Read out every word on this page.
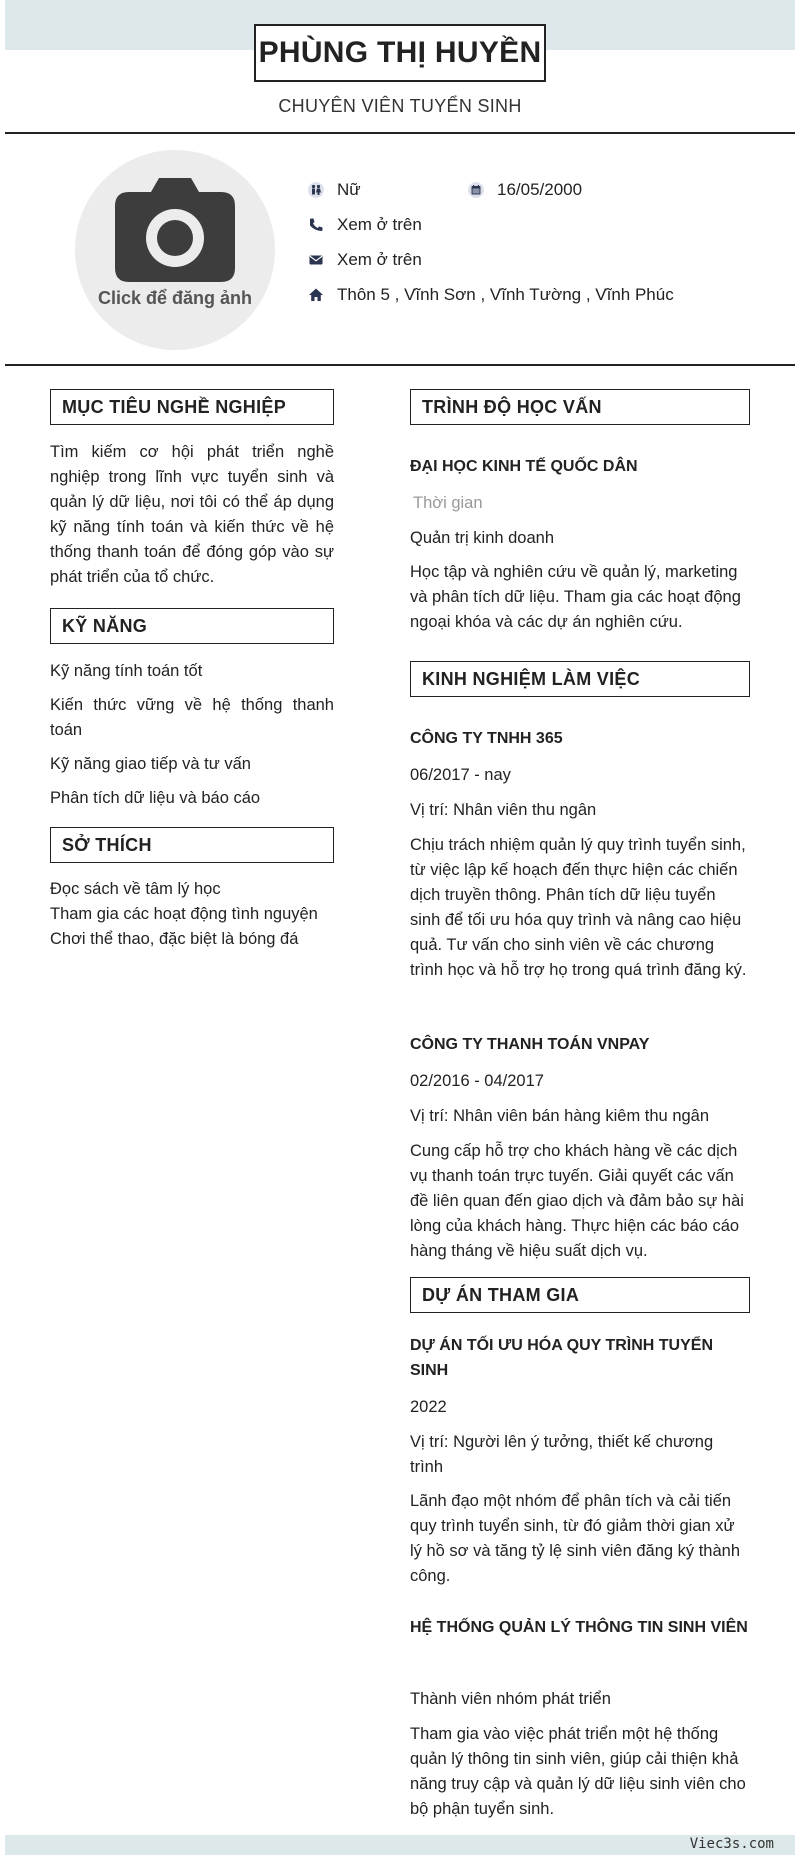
PHÙNG THỊ HUYỀN
CHUYÊN VIÊN TUYỂN SINH
Click để đăng ảnh
Nữ	16/05/2000
Xem ở trên
Xem ở trên
Thôn 5 , Vĩnh Sơn , Vĩnh Tường , Vĩnh Phúc
MỤC TIÊU NGHỀ NGHIỆP
Tìm kiếm cơ hội phát triển nghề nghiệp trong lĩnh vực tuyển sinh và quản lý dữ liệu, nơi tôi có thể áp dụng kỹ năng tính toán và kiến thức về hệ thống thanh toán để đóng góp vào sự phát triển của tổ chức.
KỸ NĂNG
Kỹ năng tính toán tốt
Kiến thức vững về hệ thống thanh toán
Kỹ năng giao tiếp và tư vấn
Phân tích dữ liệu và báo cáo
SỞ THÍCH
Đọc sách về tâm lý học
Tham gia các hoạt động tình nguyện
Chơi thể thao, đặc biệt là bóng đá
TRÌNH ĐỘ HỌC VẤN
ĐẠI HỌC KINH TẾ QUỐC DÂN
Thời gian
Quản trị kinh doanh
Học tập và nghiên cứu về quản lý, marketing và phân tích dữ liệu. Tham gia các hoạt động ngoại khóa và các dự án nghiên cứu.
KINH NGHIỆM LÀM VIỆC
CÔNG TY TNHH 365
06/2017 - nay
Vị trí: Nhân viên thu ngân
Chịu trách nhiệm quản lý quy trình tuyển sinh, từ việc lập kế hoạch đến thực hiện các chiến dịch truyền thông. Phân tích dữ liệu tuyển sinh để tối ưu hóa quy trình và nâng cao hiệu quả. Tư vấn cho sinh viên về các chương trình học và hỗ trợ họ trong quá trình đăng ký.
CÔNG TY THANH TOÁN VNPAY
02/2016 - 04/2017
Vị trí: Nhân viên bán hàng kiêm thu ngân
Cung cấp hỗ trợ cho khách hàng về các dịch vụ thanh toán trực tuyến. Giải quyết các vấn đề liên quan đến giao dịch và đảm bảo sự hài lòng của khách hàng. Thực hiện các báo cáo hàng tháng về hiệu suất dịch vụ.
DỰ ÁN THAM GIA
DỰ ÁN TỐI ƯU HÓA QUY TRÌNH TUYỂN SINH
2022
Vị trí: Người lên ý tưởng, thiết kế chương trình
Lãnh đạo một nhóm để phân tích và cải tiến quy trình tuyển sinh, từ đó giảm thời gian xử lý hồ sơ và tăng tỷ lệ sinh viên đăng ký thành công.
HỆ THỐNG QUẢN LÝ THÔNG TIN SINH VIÊN
Thành viên nhóm phát triển
Tham gia vào việc phát triển một hệ thống quản lý thông tin sinh viên, giúp cải thiện khả năng truy cập và quản lý dữ liệu sinh viên cho bộ phận tuyển sinh.
Viec3s.com
